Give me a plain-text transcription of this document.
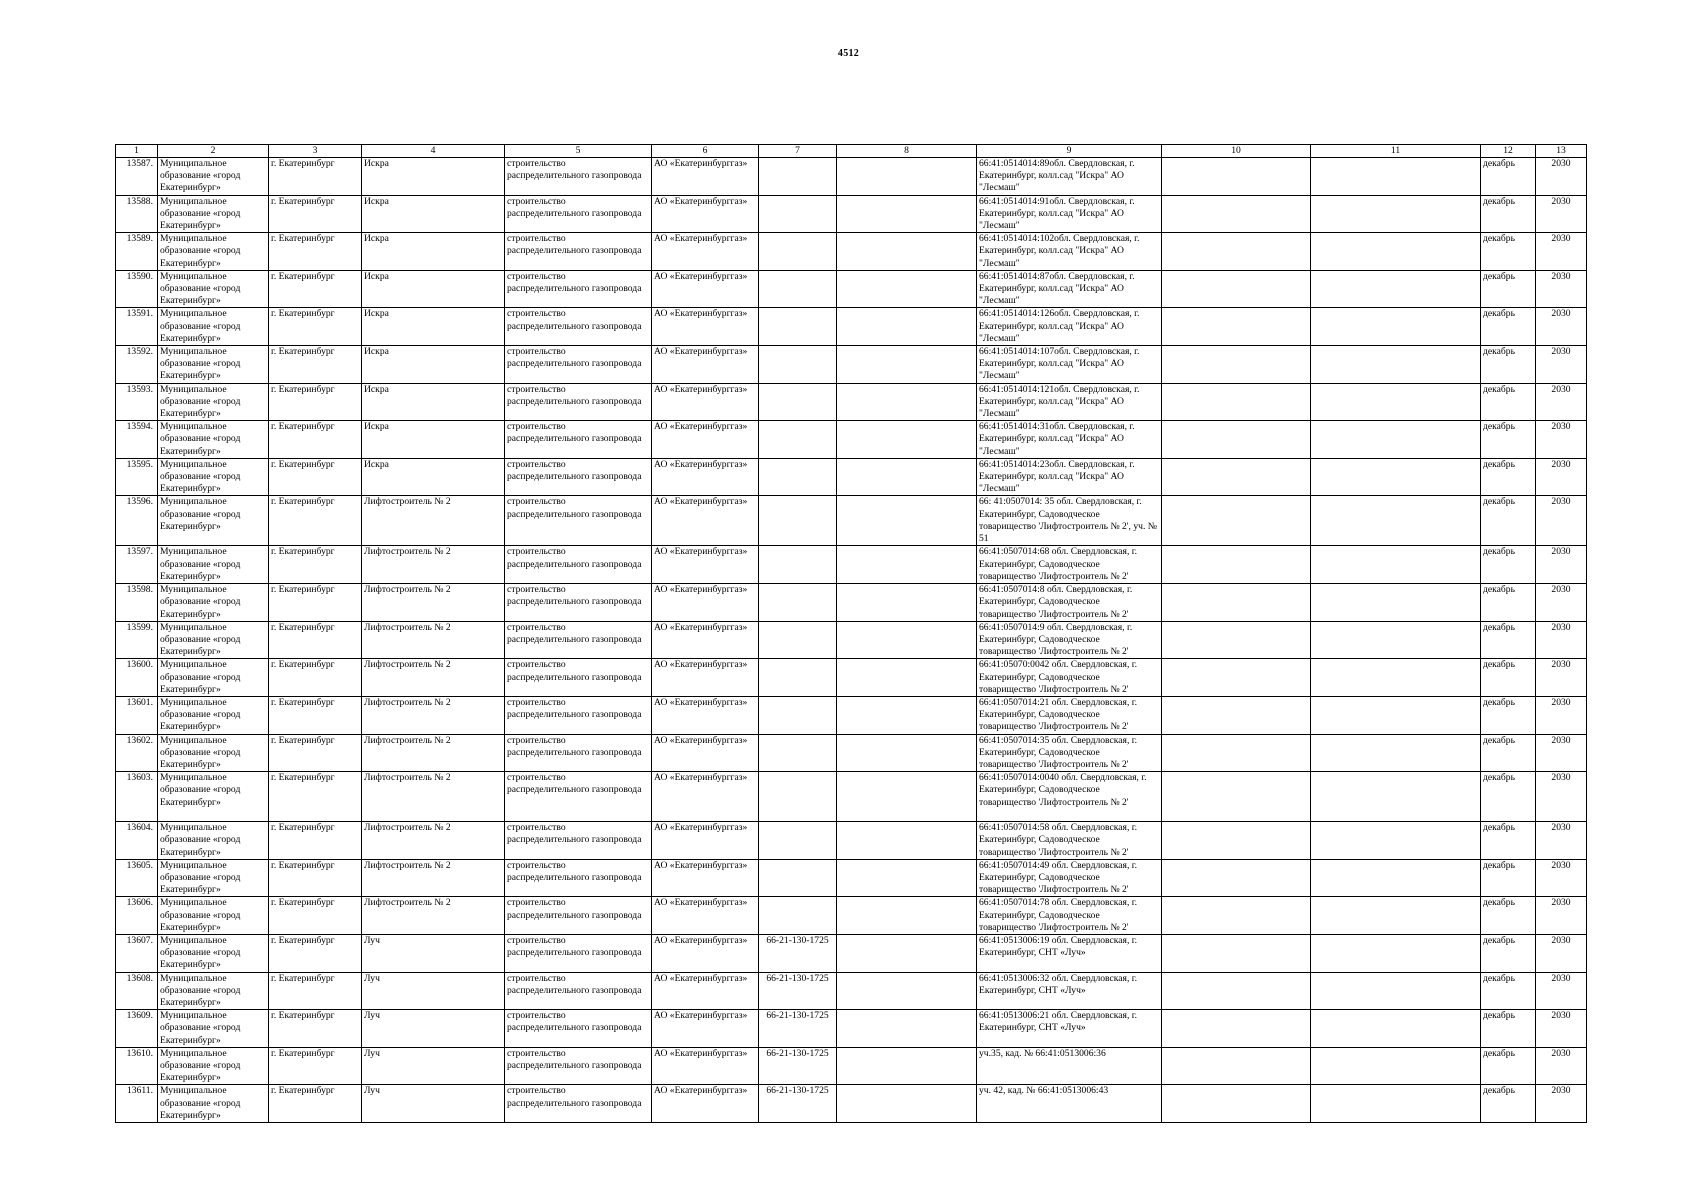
4512
1	2	3	4	5	6	7	8	9	10	11	12	13
13587.	Муниципальное образование «город Екатеринбург»	г. Екатеринбург	Искра	строительство распределительного газопровода	АО «Екатеринбурггаз»			66:41:0514014:89обл. Свердловская, г. Екатеринбург, колл.сад "Искра" АО "Лесмаш"			декабрь	2030
13588.	Муниципальное образование «город Екатеринбург»	г. Екатеринбург	Искра	строительство распределительного газопровода	АО «Екатеринбурггаз»			66:41:0514014:91обл. Свердловская, г. Екатеринбург, колл.сад "Искра" АО "Лесмаш"			декабрь	2030
13589.	Муниципальное образование «город Екатеринбург»	г. Екатеринбург	Искра	строительство распределительного газопровода	АО «Екатеринбурггаз»			66:41:0514014:102обл. Свердловская, г. Екатеринбург, колл.сад "Искра" АО "Лесмаш"			декабрь	2030
13590.	Муниципальное образование «город Екатеринбург»	г. Екатеринбург	Искра	строительство распределительного газопровода	АО «Екатеринбурггаз»			66:41:0514014:87обл. Свердловская, г. Екатеринбург, колл.сад "Искра" АО "Лесмаш"			декабрь	2030
13591.	Муниципальное образование «город Екатеринбург»	г. Екатеринбург	Искра	строительство распределительного газопровода	АО «Екатеринбурггаз»			66:41:0514014:126обл. Свердловская, г. Екатеринбург, колл.сад "Искра" АО "Лесмаш"			декабрь	2030
13592.	Муниципальное образование «город Екатеринбург»	г. Екатеринбург	Искра	строительство распределительного газопровода	АО «Екатеринбурггаз»			66:41:0514014:107обл. Свердловская, г. Екатеринбург, колл.сад "Искра" АО "Лесмаш"			декабрь	2030
13593.	Муниципальное образование «город Екатеринбург»	г. Екатеринбург	Искра	строительство распределительного газопровода	АО «Екатеринбурггаз»			66:41:0514014:121обл. Свердловская, г. Екатеринбург, колл.сад "Искра" АО "Лесмаш"			декабрь	2030
13594.	Муниципальное образование «город Екатеринбург»	г. Екатеринбург	Искра	строительство распределительного газопровода	АО «Екатеринбурггаз»			66:41:0514014:31обл. Свердловская, г. Екатеринбург, колл.сад "Искра" АО "Лесмаш"			декабрь	2030
13595.	Муниципальное образование «город Екатеринбург»	г. Екатеринбург	Искра	строительство распределительного газопровода	АО «Екатеринбурггаз»			66:41:0514014:23обл. Свердловская, г. Екатеринбург, колл.сад "Искра" АО "Лесмаш"			декабрь	2030
13596.	Муниципальное образование «город Екатеринбург»	г. Екатеринбург	Лифтостроитель № 2	строительство распределительного газопровода	АО «Екатеринбурггаз»			66: 41:0507014: 35 обл. Свердловская, г. Екатеринбург, Садоводческое товарищество 'Лифтостроитель № 2', уч. № 51			декабрь	2030
13597.	Муниципальное образование «город Екатеринбург»	г. Екатеринбург	Лифтостроитель № 2	строительство распределительного газопровода	АО «Екатеринбурггаз»			66:41:0507014:68 обл. Свердловская, г. Екатеринбург, Садоводческое товарищество 'Лифтостроитель № 2'			декабрь	2030
13598.	Муниципальное образование «город Екатеринбург»	г. Екатеринбург	Лифтостроитель № 2	строительство распределительного газопровода	АО «Екатеринбурггаз»			66:41:0507014:8 обл. Свердловская, г. Екатеринбург, Садоводческое товарищество 'Лифтостроитель № 2'			декабрь	2030
13599.	Муниципальное образование «город Екатеринбург»	г. Екатеринбург	Лифтостроитель № 2	строительство распределительного газопровода	АО «Екатеринбурггаз»			66:41:0507014:9 обл. Свердловская, г. Екатеринбург, Садоводческое товарищество 'Лифтостроитель № 2'			декабрь	2030
13600.	Муниципальное образование «город Екатеринбург»	г. Екатеринбург	Лифтостроитель № 2	строительство распределительного газопровода	АО «Екатеринбурггаз»			66:41:05070:0042 обл. Свердловская, г. Екатеринбург, Садоводческое товарищество 'Лифтостроитель № 2'			декабрь	2030
13601.	Муниципальное образование «город Екатеринбург»	г. Екатеринбург	Лифтостроитель № 2	строительство распределительного газопровода	АО «Екатеринбурггаз»			66:41:0507014:21 обл. Свердловская, г. Екатеринбург, Садоводческое товарищество 'Лифтостроитель № 2'			декабрь	2030
13602.	Муниципальное образование «город Екатеринбург»	г. Екатеринбург	Лифтостроитель № 2	строительство распределительного газопровода	АО «Екатеринбурггаз»			66:41:0507014:35 обл. Свердловская, г. Екатеринбург, Садоводческое товарищество 'Лифтостроитель № 2'			декабрь	2030
13603.	Муниципальное образование «город Екатеринбург»	г. Екатеринбург	Лифтостроитель № 2	строительство распределительного газопровода	АО «Екатеринбурггаз»			66:41:0507014:0040 обл. Свердловская, г. Екатеринбург, Садоводческое товарищество 'Лифтостроитель № 2'			декабрь	2030
13604.	Муниципальное образование «город Екатеринбург»	г. Екатеринбург	Лифтостроитель № 2	строительство распределительного газопровода	АО «Екатеринбурггаз»			66:41:0507014:58 обл. Свердловская, г. Екатеринбург, Садоводческое товарищество 'Лифтостроитель № 2'			декабрь	2030
13605.	Муниципальное образование «город Екатеринбург»	г. Екатеринбург	Лифтостроитель № 2	строительство распределительного газопровода	АО «Екатеринбурггаз»			66:41:0507014:49 обл. Свердловская, г. Екатеринбург, Садоводческое товарищество 'Лифтостроитель № 2'			декабрь	2030
13606.	Муниципальное образование «город Екатеринбург»	г. Екатеринбург	Лифтостроитель № 2	строительство распределительного газопровода	АО «Екатеринбурггаз»			66:41:0507014:78 обл. Свердловская, г. Екатеринбург, Садоводческое товарищество 'Лифтостроитель № 2'			декабрь	2030
13607.	Муниципальное образование «город Екатеринбург»	г. Екатеринбург	Луч	строительство распределительного газопровода	АО «Екатеринбурггаз»	66-21-130-1725		66:41:0513006:19 обл. Свердловская, г. Екатеринбург, СНТ «Луч»			декабрь	2030
13608.	Муниципальное образование «город Екатеринбург»	г. Екатеринбург	Луч	строительство распределительного газопровода	АО «Екатеринбурггаз»	66-21-130-1725		66:41:0513006:32 обл. Свердловская, г. Екатеринбург, СНТ «Луч»			декабрь	2030
13609.	Муниципальное образование «город Екатеринбург»	г. Екатеринбург	Луч	строительство распределительного газопровода	АО «Екатеринбурггаз»	66-21-130-1725		66:41:0513006:21 обл. Свердловская, г. Екатеринбург, СНТ «Луч»			декабрь	2030
13610.	Муниципальное образование «город Екатеринбург»	г. Екатеринбург	Луч	строительство распределительного газопровода	АО «Екатеринбурггаз»	66-21-130-1725		уч.35, кад. № 66:41:0513006:36			декабрь	2030
13611.	Муниципальное образование «город Екатеринбург»	г. Екатеринбург	Луч	строительство распределительного газопровода	АО «Екатеринбурггаз»	66-21-130-1725		уч. 42, кад. № 66:41:0513006:43			декабрь	2030
